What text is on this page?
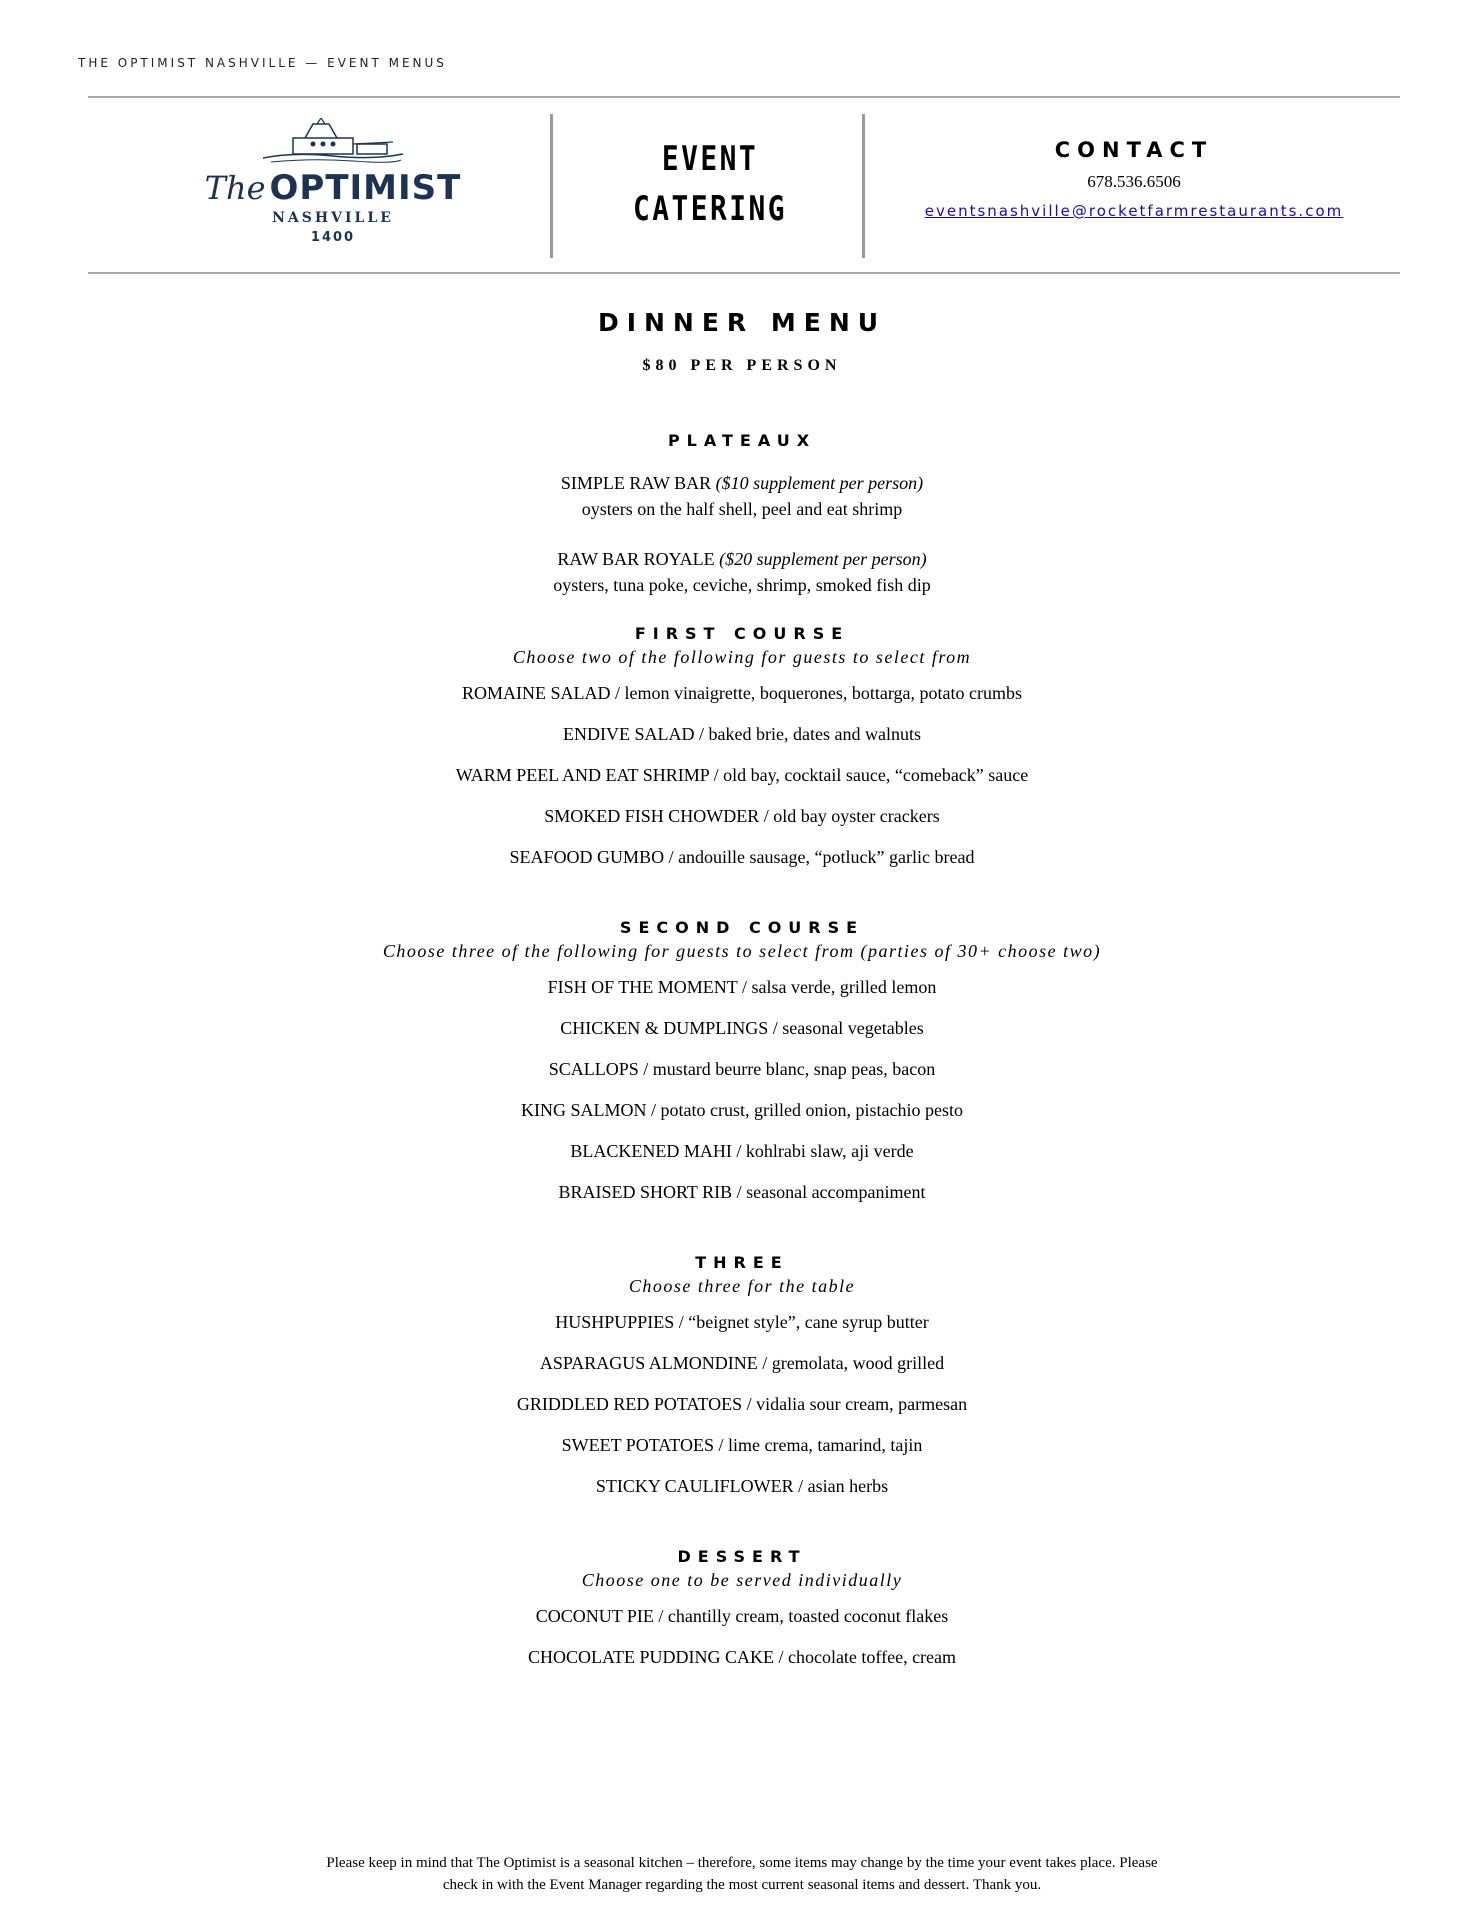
THE OPTIMIST NASHVILLE — EVENT MENUS
The OPTIMIST
NASHVILLE
1400
EVENT
CATERING
CONTACT
678.536.6506
eventsnashville@rocketfarmrestaurants.com
DINNER MENU
$80 PER PERSON
PLATEAUX
SIMPLE RAW BAR ($10 supplement per person)
oysters on the half shell, peel and eat shrimp
RAW BAR ROYALE ($20 supplement per person)
oysters, tuna poke, ceviche, shrimp, smoked fish dip
FIRST COURSE
Choose two of the following for guests to select from
ROMAINE SALAD / lemon vinaigrette, boquerones, bottarga, potato crumbs
ENDIVE SALAD / baked brie, dates and walnuts
WARM PEEL AND EAT SHRIMP / old bay, cocktail sauce, “comeback” sauce
SMOKED FISH CHOWDER / old bay oyster crackers
SEAFOOD GUMBO / andouille sausage, “potluck” garlic bread
SECOND COURSE
Choose three of the following for guests to select from (parties of 30+ choose two)
FISH OF THE MOMENT / salsa verde, grilled lemon
CHICKEN & DUMPLINGS / seasonal vegetables
SCALLOPS / mustard beurre blanc, snap peas, bacon
KING SALMON / potato crust, grilled onion, pistachio pesto
BLACKENED MAHI / kohlrabi slaw, aji verde
BRAISED SHORT RIB / seasonal accompaniment
THREE
Choose three for the table
HUSHPUPPIES / “beignet style”, cane syrup butter
ASPARAGUS ALMONDINE / gremolata, wood grilled
GRIDDLED RED POTATOES / vidalia sour cream, parmesan
SWEET POTATOES / lime crema, tamarind, tajin
STICKY CAULIFLOWER / asian herbs
DESSERT
Choose one to be served individually
COCONUT PIE / chantilly cream, toasted coconut flakes
CHOCOLATE PUDDING CAKE / chocolate toffee, cream
Please keep in mind that The Optimist is a seasonal kitchen – therefore, some items may change by the time your event takes place. Please
check in with the Event Manager regarding the most current seasonal items and dessert. Thank you.
